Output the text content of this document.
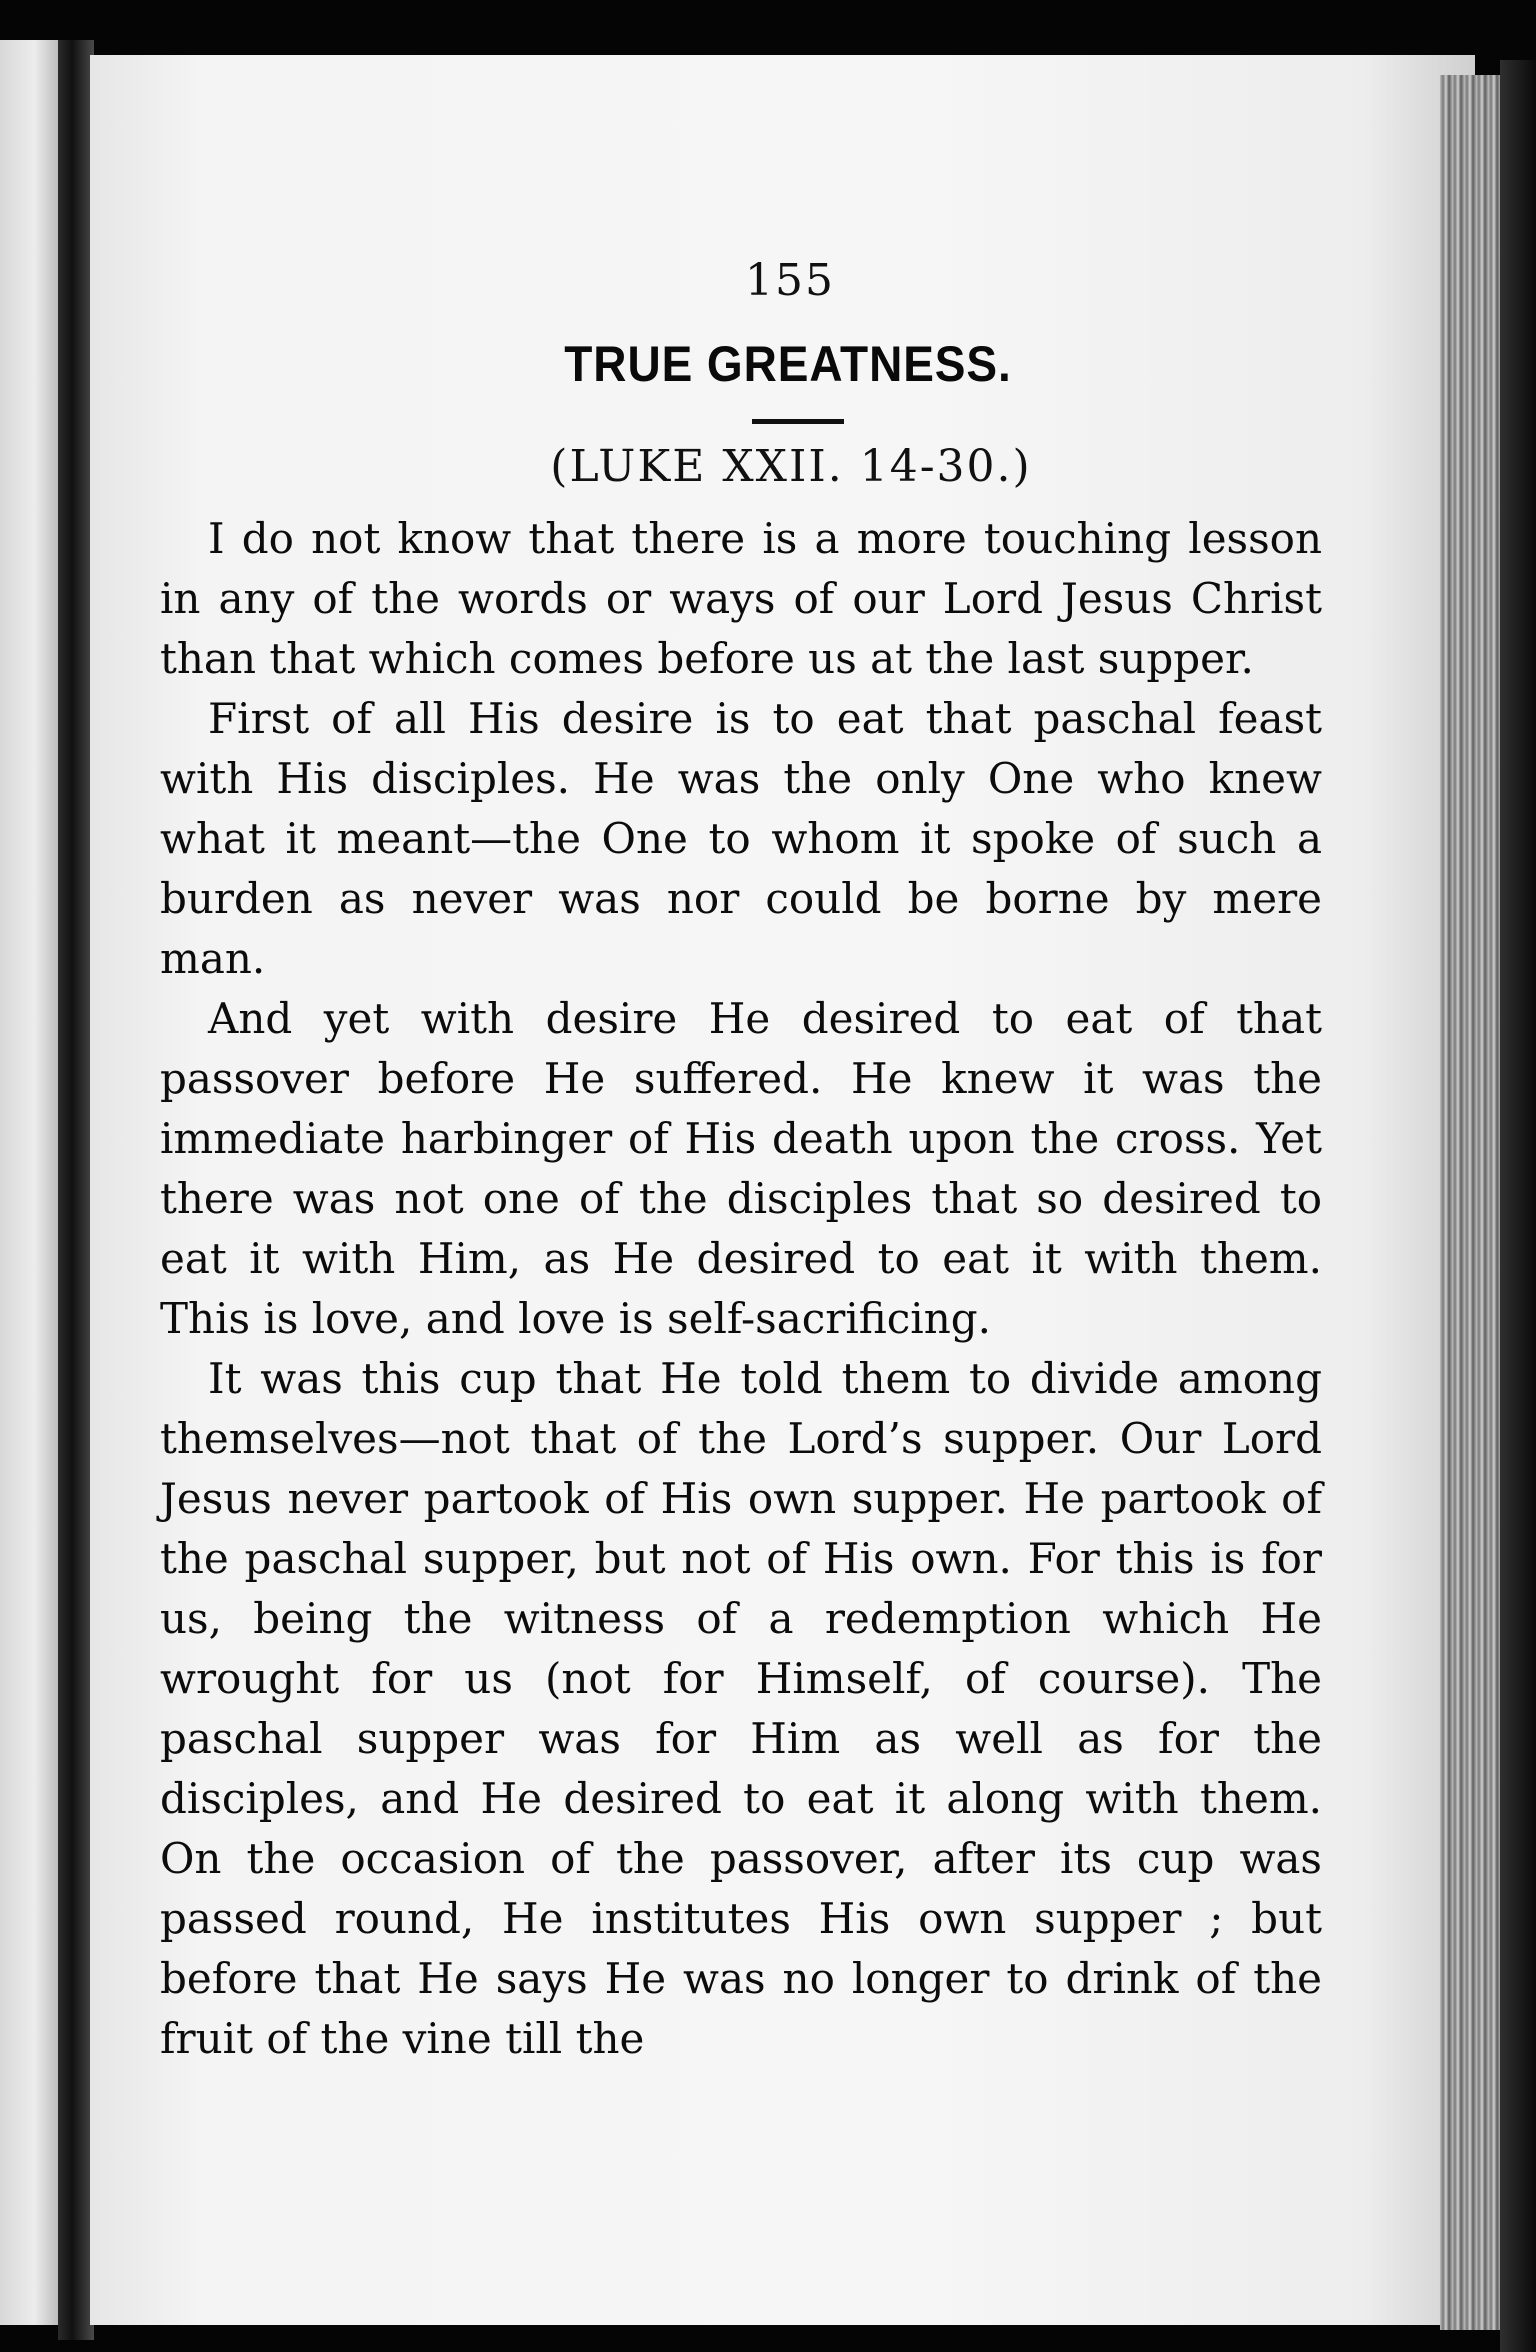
155
TRUE GREATNESS.
(LUKE XXII. 14-30.)

I do not know that there is a more touching lesson in any of the words or ways of our Lord Jesus Christ than that which comes before us at the last supper.

First of all His desire is to eat that paschal feast with His disciples. He was the only One who knew what it meant—the One to whom it spoke of such a burden as never was nor could be borne by mere man.

And yet with desire He desired to eat of that passover before He suffered. He knew it was the immediate harbinger of His death upon the cross. Yet there was not one of the disciples that so desired to eat it with Him, as He desired to eat it with them. This is love, and love is self-sacrificing.

It was this cup that He told them to divide among themselves—not that of the Lord’s supper. Our Lord Jesus never partook of His own supper. He partook of the paschal supper, but not of His own. For this is for us, being the witness of a redemption which He wrought for us (not for Himself, of course). The paschal supper was for Him as well as for the disciples, and He desired to eat it along with them. On the occasion of the passover, after its cup was passed round, He institutes His own supper ; but before that He says He was no longer to drink of the fruit of the vine till the
